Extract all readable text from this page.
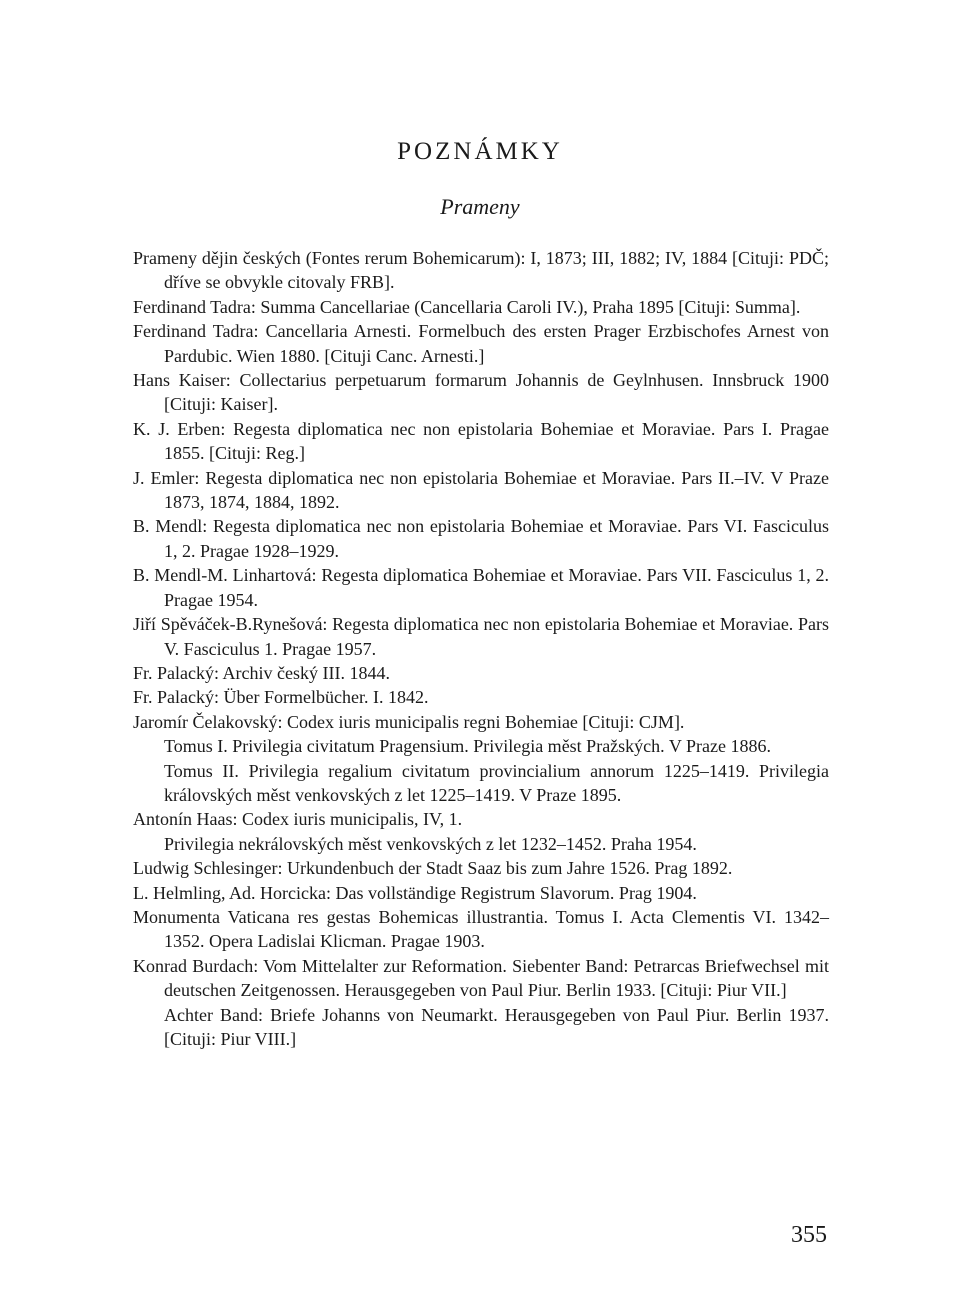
POZNÁMKY
Prameny
Prameny dějin českých (Fontes rerum Bohemicarum): I, 1873; III, 1882; IV, 1884 [Cituji: PDČ; dříve se obvykle citovaly FRB].
Ferdinand Tadra: Summa Cancellariae (Cancellaria Caroli IV.), Praha 1895 [Cituji: Summa].
Ferdinand Tadra: Cancellaria Arnesti. Formelbuch des ersten Prager Erzbischofes Arnest von Pardubic. Wien 1880. [Cituji Canc. Arnesti.]
Hans Kaiser: Collectarius perpetuarum formarum Johannis de Geylnhusen. Innsbruck 1900 [Cituji: Kaiser].
K. J. Erben: Regesta diplomatica nec non epistolaria Bohemiae et Moraviae. Pars I. Pragae 1855. [Cituji: Reg.]
J. Emler: Regesta diplomatica nec non epistolaria Bohemiae et Moraviae. Pars II.–IV. V Praze 1873, 1874, 1884, 1892.
B. Mendl: Regesta diplomatica nec non epistolaria Bohemiae et Moraviae. Pars VI. Fasciculus 1, 2. Pragae 1928–1929.
B. Mendl-M. Linhartová: Regesta diplomatica Bohemiae et Moraviae. Pars VII. Fasciculus 1, 2. Pragae 1954.
Jiří Spěváček-B.Rynešová: Regesta diplomatica nec non epistolaria Bohemiae et Moraviae. Pars V. Fasciculus 1. Pragae 1957.
Fr. Palacký: Archiv český III. 1844.
Fr. Palacký: Über Formelbücher. I. 1842.
Jaromír Čelakovský: Codex iuris municipalis regni Bohemiae [Cituji: CJM].
Tomus I. Privilegia civitatum Pragensium. Privilegia měst Pražských. V Praze 1886.
Tomus II. Privilegia regalium civitatum provincialium annorum 1225–1419. Privilegia královských měst venkovských z let 1225–1419. V Praze 1895.
Antonín Haas: Codex iuris municipalis, IV, 1.
Privilegia nekrálovských měst venkovských z let 1232–1452. Praha 1954.
Ludwig Schlesinger: Urkundenbuch der Stadt Saaz bis zum Jahre 1526. Prag 1892.
L. Helmling, Ad. Horcicka: Das vollständige Registrum Slavorum. Prag 1904.
Monumenta Vaticana res gestas Bohemicas illustrantia. Tomus I. Acta Clementis VI. 1342–1352. Opera Ladislai Klicman. Pragae 1903.
Konrad Burdach: Vom Mittelalter zur Reformation. Siebenter Band: Petrarcas Briefwechsel mit deutschen Zeitgenossen. Herausgegeben von Paul Piur. Berlin 1933. [Cituji: Piur VII.]
Achter Band: Briefe Johanns von Neumarkt. Herausgegeben von Paul Piur. Berlin 1937. [Cituji: Piur VIII.]
355
